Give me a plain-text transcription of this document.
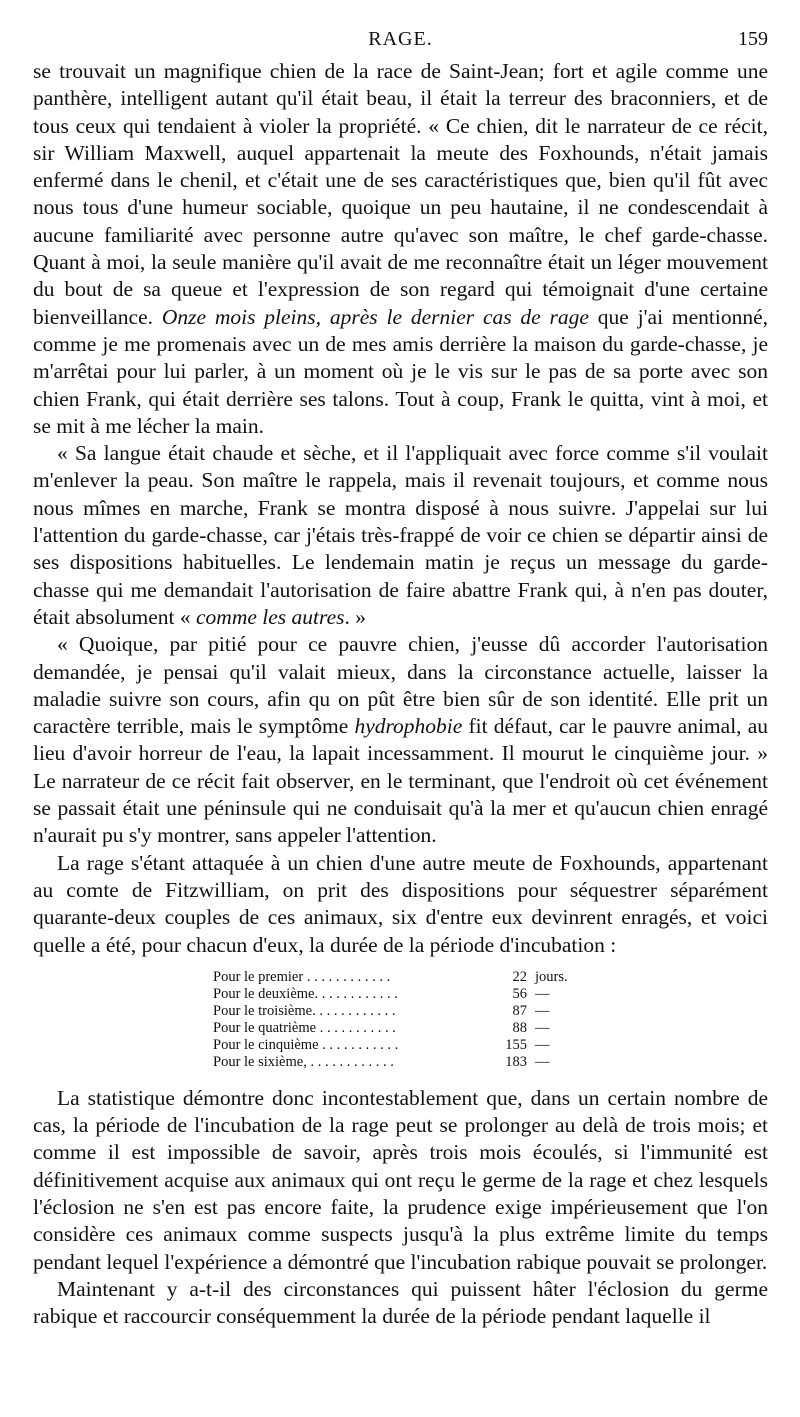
RAGE.	159

se trouvait un magnifique chien de la race de Saint-Jean; fort et agile comme une panthère, intelligent autant qu'il était beau, il était la terreur des braconniers, et de tous ceux qui tendaient à violer la propriété. « Ce chien, dit le narrateur de ce récit, sir William Maxwell, auquel appartenait la meute des Foxhounds, n'était jamais enfermé dans le chenil, et c'était une de ses caractéristiques que, bien qu'il fût avec nous tous d'une humeur sociable, quoique un peu hautaine, il ne condescendait à aucune familiarité avec personne autre qu'avec son maître, le chef garde-chasse. Quant à moi, la seule manière qu'il avait de me reconnaître était un léger mouvement du bout de sa queue et l'expression de son regard qui témoignait d'une certaine bienveillance. Onze mois pleins, après le dernier cas de rage que j'ai mentionné, comme je me promenais avec un de mes amis derrière la maison du garde-chasse, je m'arrêtai pour lui parler, à un moment où je le vis sur le pas de sa porte avec son chien Frank, qui était derrière ses talons. Tout à coup, Frank le quitta, vint à moi, et se mit à me lécher la main.

« Sa langue était chaude et sèche, et il l'appliquait avec force comme s'il voulait m'enlever la peau. Son maître le rappela, mais il revenait toujours, et comme nous nous mîmes en marche, Frank se montra disposé à nous suivre. J'appelai sur lui l'attention du garde-chasse, car j'étais très-frappé de voir ce chien se départir ainsi de ses dispositions habituelles. Le lendemain matin je reçus un message du garde-chasse qui me demandait l'autorisation de faire abattre Frank qui, à n'en pas douter, était absolument « comme les autres. »

« Quoique, par pitié pour ce pauvre chien, j'eusse dû accorder l'autorisation demandée, je pensai qu'il valait mieux, dans la circonstance actuelle, laisser la maladie suivre son cours, afin qu on pût être bien sûr de son identité. Elle prit un caractère terrible, mais le symptôme hydrophobie fit défaut, car le pauvre animal, au lieu d'avoir horreur de l'eau, la lapait incessamment. Il mourut le cinquième jour. » Le narrateur de ce récit fait observer, en le terminant, que l'endroit où cet événement se passait était une péninsule qui ne conduisait qu'à la mer et qu'aucun chien enragé n'aurait pu s'y montrer, sans appeler l'attention.

La rage s'étant attaquée à un chien d'une autre meute de Foxhounds, appartenant au comte de Fitzwilliam, on prit des dispositions pour séquestrer séparément quarante-deux couples de ces animaux, six d'entre eux devinrent enragés, et voici quelle a été, pour chacun d'eux, la durée de la période d'incubation :

Pour le premier . . . . . . . . . . . .	22 jours.
Pour le deuxième. . . . . . . . . . . .	56 —
Pour le troisième. . . . . . . . . . . .	87 —
Pour le quatrième . . . . . . . . . . .	88 —
Pour le cinquième . . . . . . . . . . .	155 —
Pour le sixième, . . . . . . . . . . . .	183 —

La statistique démontre donc incontestablement que, dans un certain nombre de cas, la période de l'incubation de la rage peut se prolonger au delà de trois mois; et comme il est impossible de savoir, après trois mois écoulés, si l'immunité est définitivement acquise aux animaux qui ont reçu le germe de la rage et chez lesquels l'éclosion ne s'en est pas encore faite, la prudence exige impérieusement que l'on considère ces animaux comme suspects jusqu'à la plus extrême limite du temps pendant lequel l'expérience a démontré que l'incubation rabique pouvait se prolonger.

Maintenant y a-t-il des circonstances qui puissent hâter l'éclosion du germe rabique et raccourcir conséquemment la durée de la période pendant laquelle il
